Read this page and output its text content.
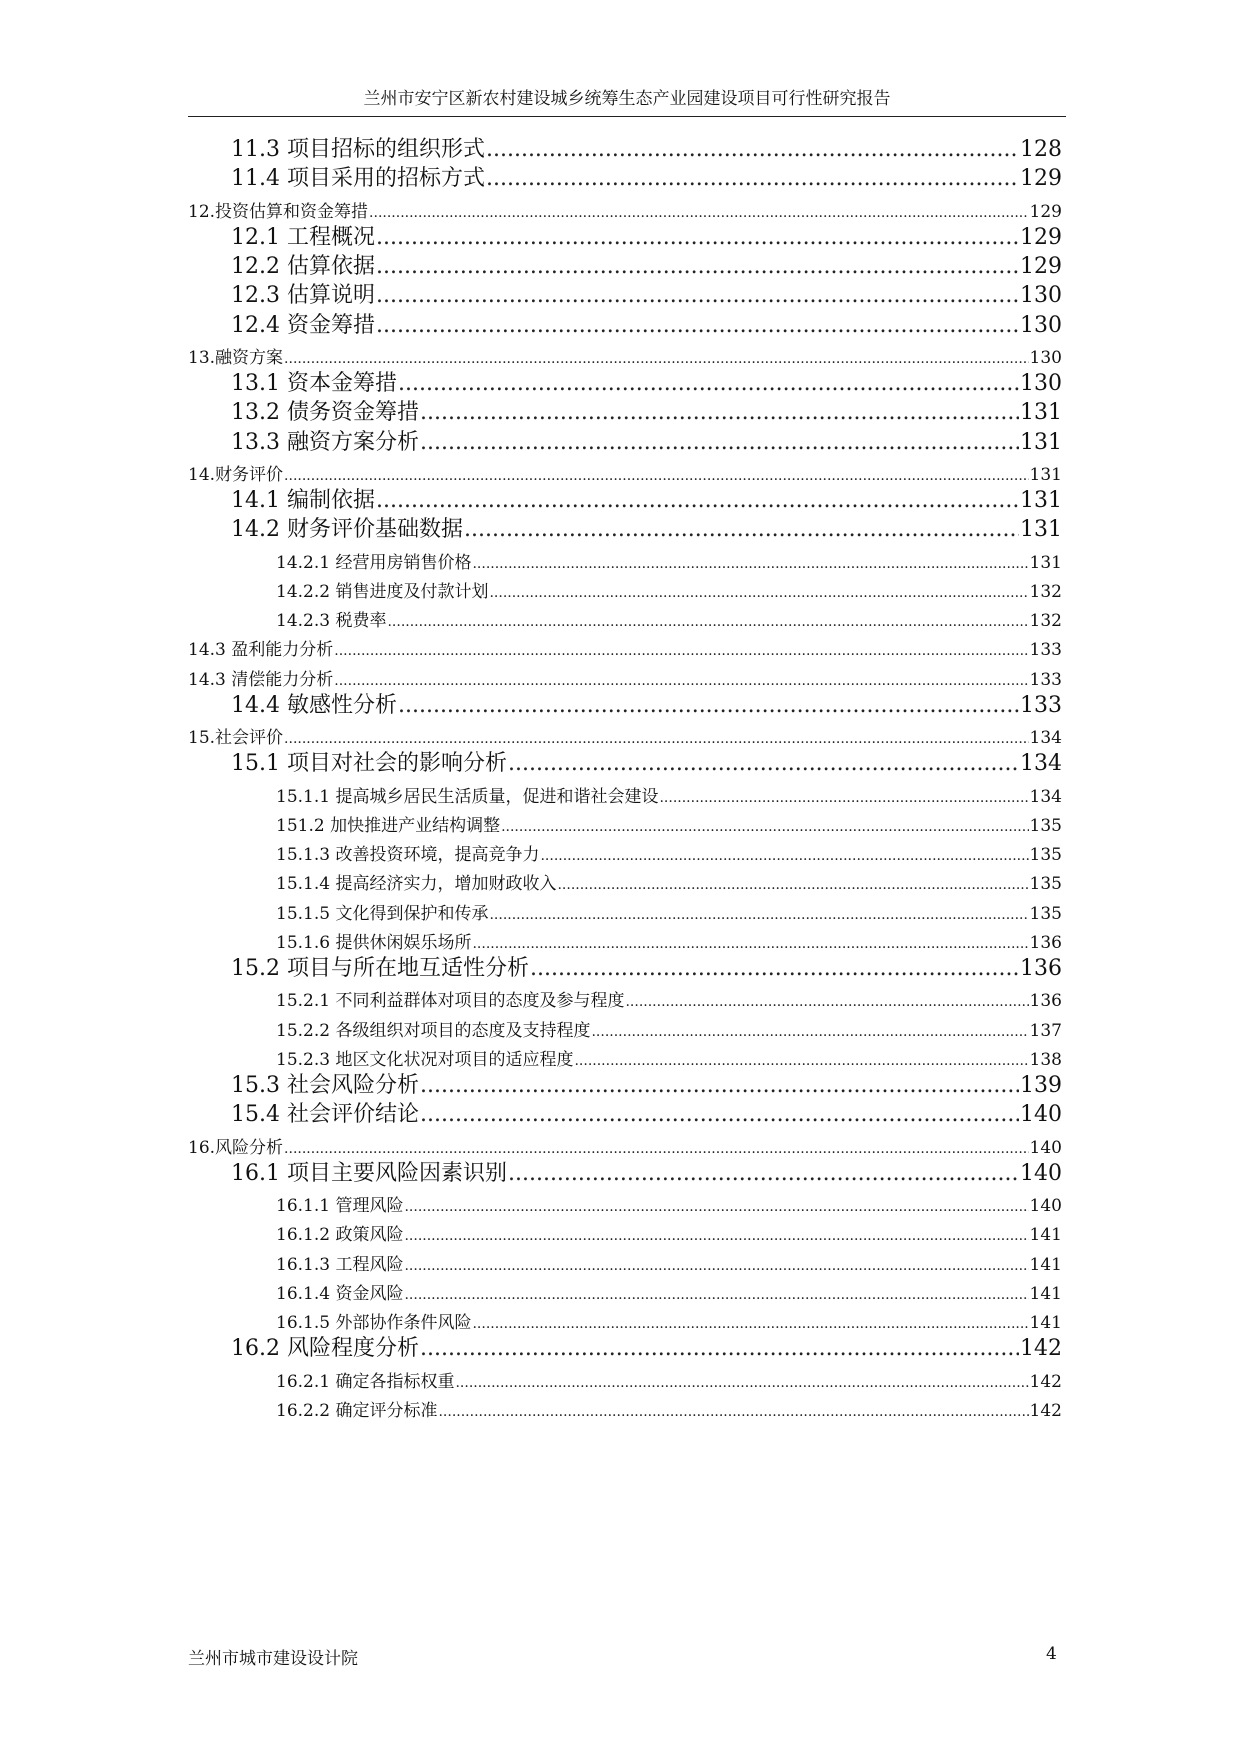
兰州市安宁区新农村建设城乡统筹生态产业园建设项目可行性研究报告
11.3 项目招标的组织形式 .....	128
11.4 项目采用的招标方式 .....	129
12.投资估算和资金筹措 .....	129
12.1 工程概况 .....	129
12.2 估算依据 .....	129
12.3 估算说明 .....	130
12.4 资金筹措 .....	130
13.融资方案 .....	130
13.1 资本金筹措 .....	130
13.2 债务资金筹措 .....	131
13.3 融资方案分析 .....	131
14.财务评价 .....	131
14.1 编制依据 .....	131
14.2 财务评价基础数据 .....	131
14.2.1 经营用房销售价格 .....	131
14.2.2 销售进度及付款计划 .....	132
14.2.3 税费率 .....	132
14.3 盈利能力分析 .....	133
14.3 清偿能力分析 .....	133
14.4 敏感性分析 .....	133
15.社会评价 .....	134
15.1 项目对社会的影响分析 .....	134
15.1.1 提高城乡居民生活质量，促进和谐社会建设 .....	134
151.2 加快推进产业结构调整 .....	135
15.1.3 改善投资环境，提高竞争力 .....	135
15.1.4 提高经济实力，增加财政收入 .....	135
15.1.5 文化得到保护和传承 .....	135
15.1.6 提供休闲娱乐场所 .....	136
15.2 项目与所在地互适性分析 .....	136
15.2.1 不同利益群体对项目的态度及参与程度 .....	136
15.2.2 各级组织对项目的态度及支持程度 .....	137
15.2.3 地区文化状况对项目的适应程度 .....	138
15.3 社会风险分析 .....	139
15.4 社会评价结论 .....	140
16.风险分析 .....	140
16.1 项目主要风险因素识别 .....	140
16.1.1 管理风险 .....	140
16.1.2 政策风险 .....	141
16.1.3 工程风险 .....	141
16.1.4 资金风险 .....	141
16.1.5 外部协作条件风险 .....	141
16.2 风险程度分析 .....	142
16.2.1 确定各指标权重 .....	142
16.2.2 确定评分标准 .....	142
兰州市城市建设设计院	4
